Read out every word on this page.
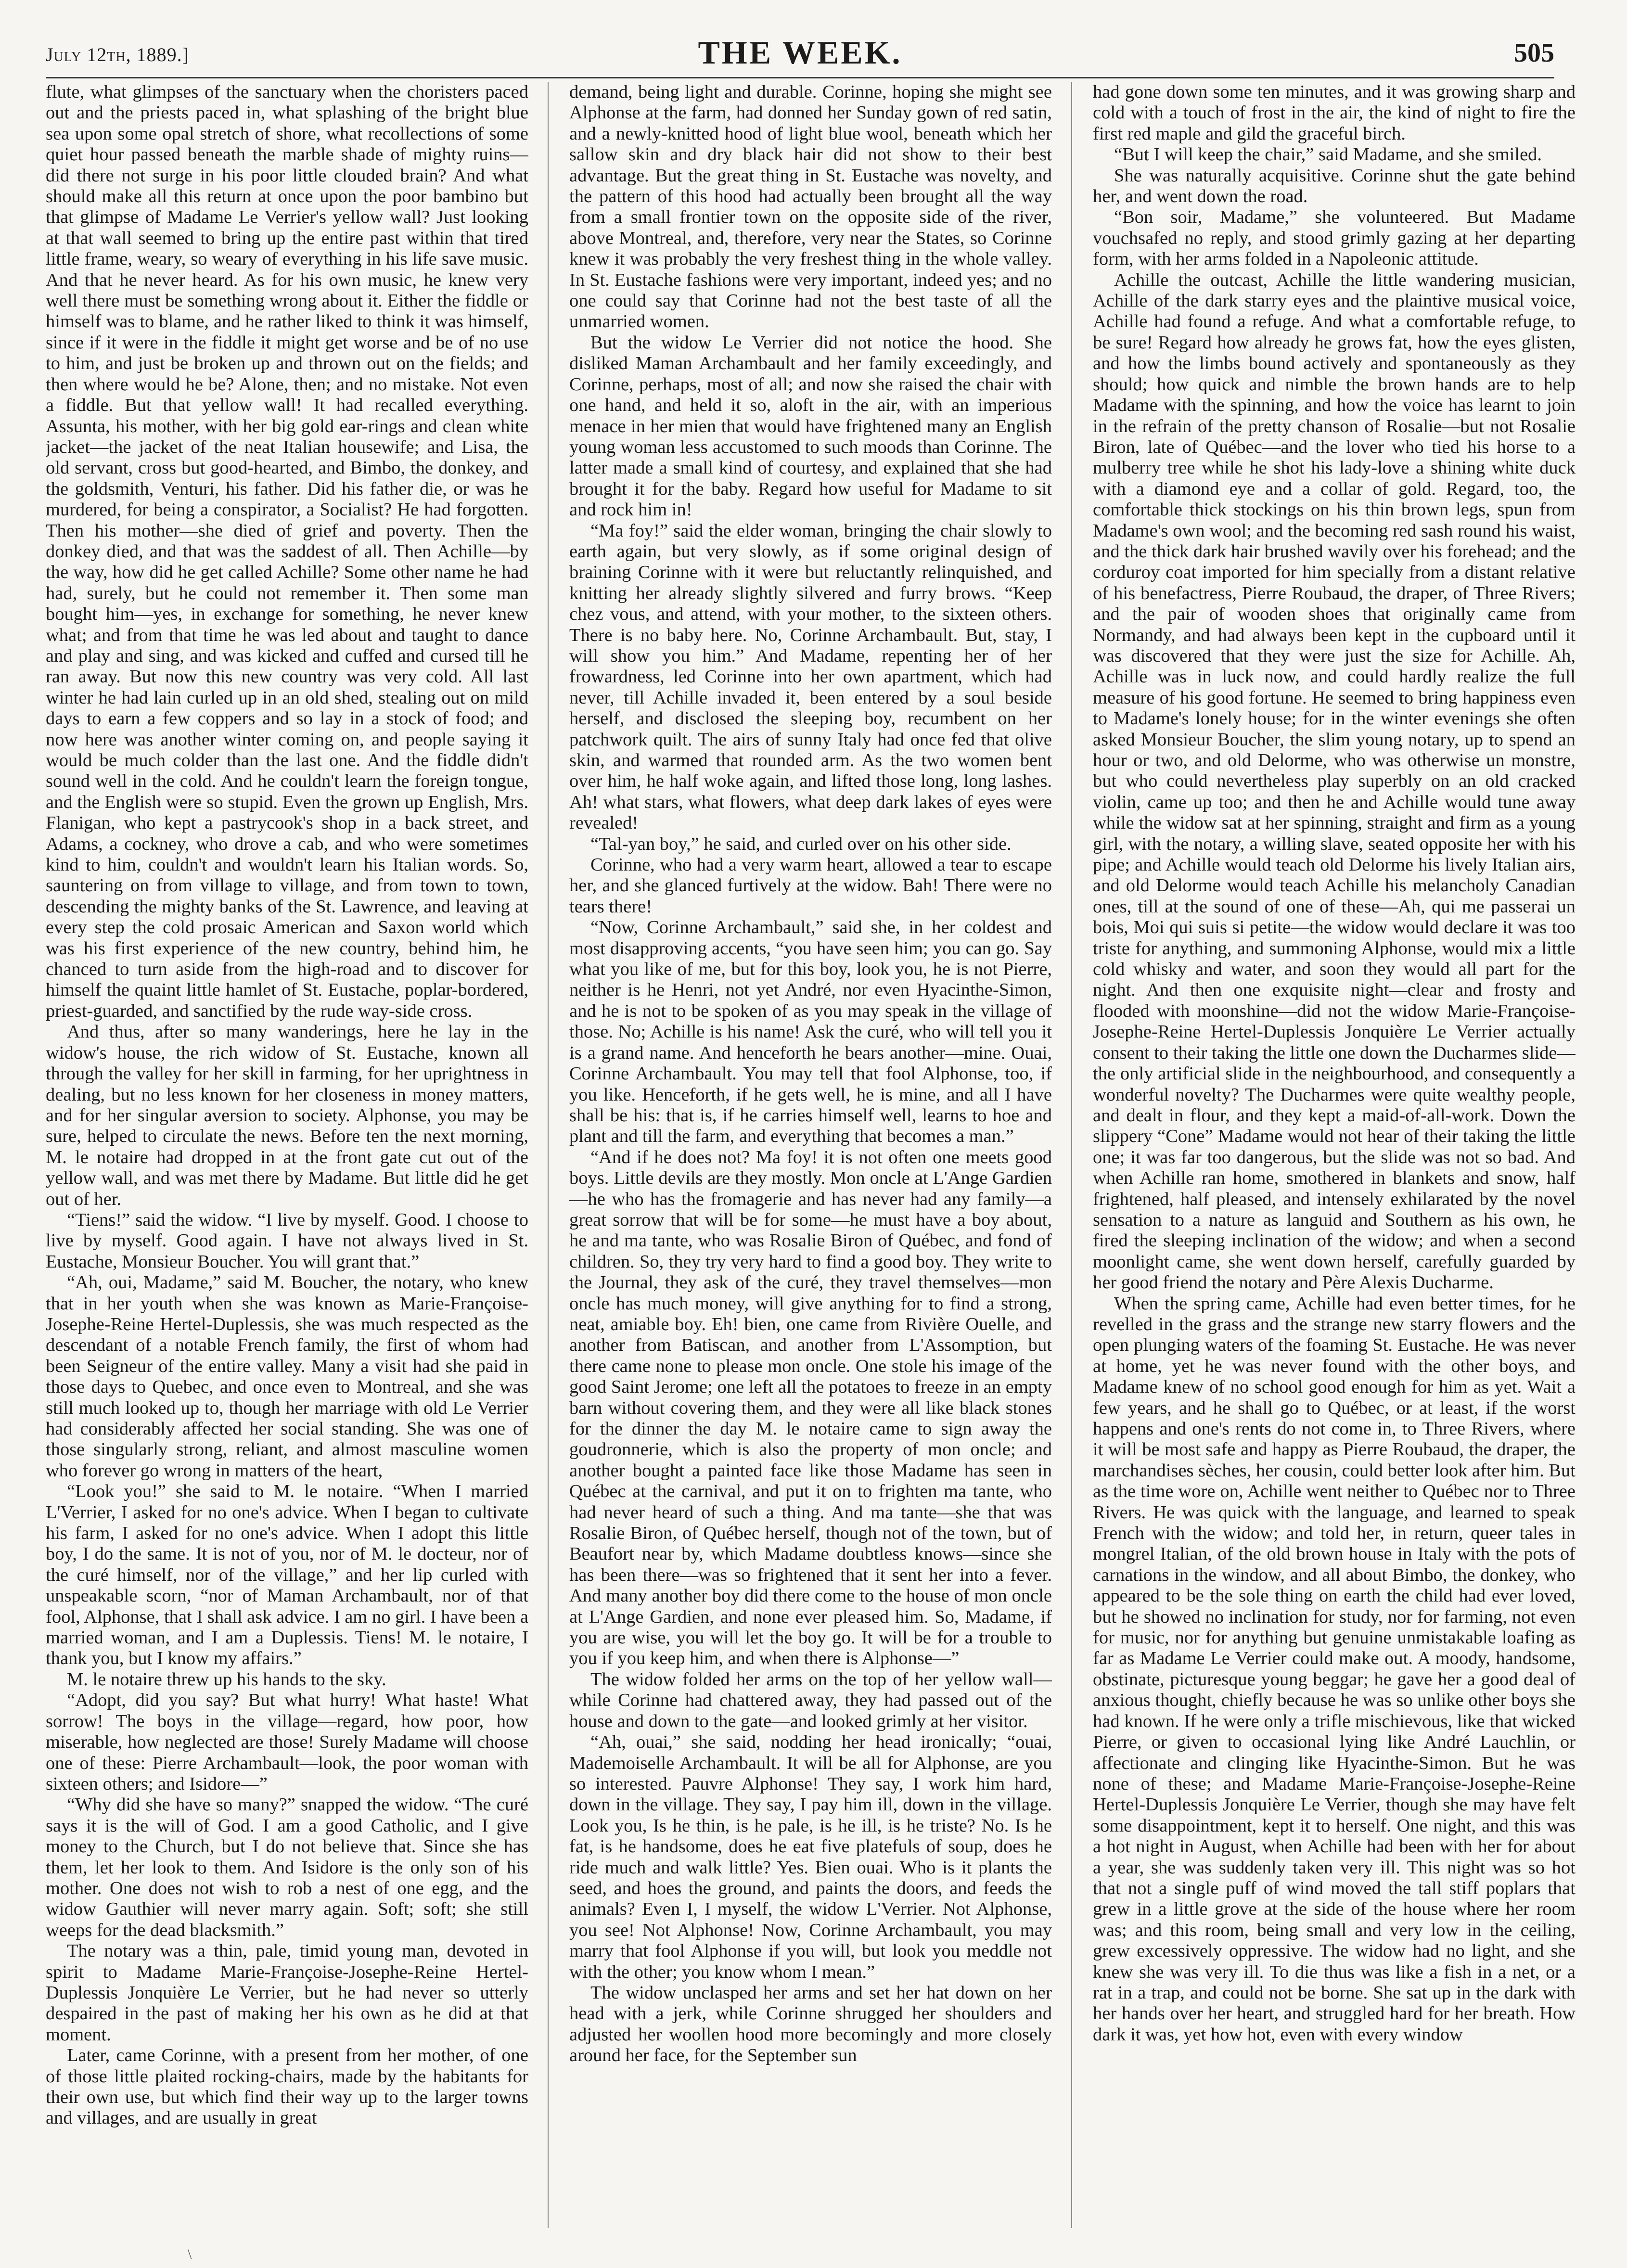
July 12th, 1889.]	THE WEEK.	505

flute, what glimpses of the sanctuary when the choristers paced out and the priests paced in, what splashing of the bright blue sea upon some opal stretch of shore, what recollections of some quiet hour passed beneath the marble shade of mighty ruins—did there not surge in his poor little clouded brain? And what should make all this return at once upon the poor bambino but that glimpse of Madame Le Verrier's yellow wall? Just looking at that wall seemed to bring up the entire past within that tired little frame, weary, so weary of everything in his life save music. And that he never heard. As for his own music, he knew very well there must be something wrong about it. Either the fiddle or himself was to blame, and he rather liked to think it was himself, since if it were in the fiddle it might get worse and be of no use to him, and just be broken up and thrown out on the fields; and then where would he be? Alone, then; and no mistake. Not even a fiddle. But that yellow wall! It had recalled everything. Assunta, his mother, with her big gold ear-rings and clean white jacket—the jacket of the neat Italian housewife; and Lisa, the old servant, cross but good-hearted, and Bimbo, the donkey, and the goldsmith, Venturi, his father. Did his father die, or was he murdered, for being a conspirator, a Socialist? He had forgotten. Then his mother—she died of grief and poverty. Then the donkey died, and that was the saddest of all. Then Achille—by the way, how did he get called Achille? Some other name he had had, surely, but he could not remember it. Then some man bought him—yes, in exchange for something, he never knew what; and from that time he was led about and taught to dance and play and sing, and was kicked and cuffed and cursed till he ran away. But now this new country was very cold. All last winter he had lain curled up in an old shed, stealing out on mild days to earn a few coppers and so lay in a stock of food; and now here was another winter coming on, and people saying it would be much colder than the last one. And the fiddle didn't sound well in the cold. And he couldn't learn the foreign tongue, and the English were so stupid. Even the grown up English, Mrs. Flanigan, who kept a pastrycook's shop in a back street, and Adams, a cockney, who drove a cab, and who were sometimes kind to him, couldn't and wouldn't learn his Italian words. So, sauntering on from village to village, and from town to town, descending the mighty banks of the St. Lawrence, and leaving at every step the cold prosaic American and Saxon world which was his first experience of the new country, behind him, he chanced to turn aside from the high-road and to discover for himself the quaint little hamlet of St. Eustache, poplar-bordered, priest-guarded, and sanctified by the rude way-side cross.

And thus, after so many wanderings, here he lay in the widow's house, the rich widow of St. Eustache, known all through the valley for her skill in farming, for her uprightness in dealing, but no less known for her closeness in money matters, and for her singular aversion to society. Alphonse, you may be sure, helped to circulate the news. Before ten the next morning, M. le notaire had dropped in at the front gate cut out of the yellow wall, and was met there by Madame. But little did he get out of her.

“Tiens!” said the widow. “I live by myself. Good. I choose to live by myself. Good again. I have not always lived in St. Eustache, Monsieur Boucher. You will grant that.”

“Ah, oui, Madame,” said M. Boucher, the notary, who knew that in her youth when she was known as Marie-Françoise-Josephe-Reine Hertel-Duplessis, she was much respected as the descendant of a notable French family, the first of whom had been Seigneur of the entire valley. Many a visit had she paid in those days to Quebec, and once even to Montreal, and she was still much looked up to, though her marriage with old Le Verrier had considerably affected her social standing. She was one of those singularly strong, reliant, and almost masculine women who forever go wrong in matters of the heart,

“Look you!” she said to M. le notaire. “When I married L'Verrier, I asked for no one's advice. When I began to cultivate his farm, I asked for no one's advice. When I adopt this little boy, I do the same. It is not of you, nor of M. le docteur, nor of the curé himself, nor of the village,” and her lip curled with unspeakable scorn, “nor of Maman Archambault, nor of that fool, Alphonse, that I shall ask advice. I am no girl. I have been a married woman, and I am a Duplessis. Tiens! M. le notaire, I thank you, but I know my affairs.”

M. le notaire threw up his hands to the sky.

“Adopt, did you say? But what hurry! What haste! What sorrow! The boys in the village—regard, how poor, how miserable, how neglected are those! Surely Madame will choose one of these: Pierre Archambault—look, the poor woman with sixteen others; and Isidore—”

“Why did she have so many?” snapped the widow. “The curé says it is the will of God. I am a good Catholic, and I give money to the Church, but I do not believe that. Since she has them, let her look to them. And Isidore is the only son of his mother. One does not wish to rob a nest of one egg, and the widow Gauthier will never marry again. Soft; soft; she still weeps for the dead blacksmith.”

The notary was a thin, pale, timid young man, devoted in spirit to Madame Marie-Françoise-Josephe-Reine Hertel-Duplessis Jonquière Le Verrier, but he had never so utterly despaired in the past of making her his own as he did at that moment.

Later, came Corinne, with a present from her mother, of one of those little plaited rocking-chairs, made by the habitants for their own use, but which find their way up to the larger towns and villages, and are usually in great

demand, being light and durable. Corinne, hoping she might see Alphonse at the farm, had donned her Sunday gown of red satin, and a newly-knitted hood of light blue wool, beneath which her sallow skin and dry black hair did not show to their best advantage. But the great thing in St. Eustache was novelty, and the pattern of this hood had actually been brought all the way from a small frontier town on the opposite side of the river, above Montreal, and, therefore, very near the States, so Corinne knew it was probably the very freshest thing in the whole valley. In St. Eustache fashions were very important, indeed yes; and no one could say that Corinne had not the best taste of all the unmarried women.

But the widow Le Verrier did not notice the hood. She disliked Maman Archambault and her family exceedingly, and Corinne, perhaps, most of all; and now she raised the chair with one hand, and held it so, aloft in the air, with an imperious menace in her mien that would have frightened many an English young woman less accustomed to such moods than Corinne. The latter made a small kind of courtesy, and explained that she had brought it for the baby. Regard how useful for Madame to sit and rock him in!

“Ma foy!” said the elder woman, bringing the chair slowly to earth again, but very slowly, as if some original design of braining Corinne with it were but reluctantly relinquished, and knitting her already slightly silvered and furry brows. “Keep chez vous, and attend, with your mother, to the sixteen others. There is no baby here. No, Corinne Archambault. But, stay, I will show you him.” And Madame, repenting her of her frowardness, led Corinne into her own apartment, which had never, till Achille invaded it, been entered by a soul beside herself, and disclosed the sleeping boy, recumbent on her patchwork quilt. The airs of sunny Italy had once fed that olive skin, and warmed that rounded arm. As the two women bent over him, he half woke again, and lifted those long, long lashes. Ah! what stars, what flowers, what deep dark lakes of eyes were revealed!

“Tal-yan boy,” he said, and curled over on his other side.

Corinne, who had a very warm heart, allowed a tear to escape her, and she glanced furtively at the widow. Bah! There were no tears there!

“Now, Corinne Archambault,” said she, in her coldest and most disapproving accents, “you have seen him; you can go. Say what you like of me, but for this boy, look you, he is not Pierre, neither is he Henri, not yet André, nor even Hyacinthe-Simon, and he is not to be spoken of as you may speak in the village of those. No; Achille is his name! Ask the curé, who will tell you it is a grand name. And henceforth he bears another—mine. Ouai, Corinne Archambault. You may tell that fool Alphonse, too, if you like. Henceforth, if he gets well, he is mine, and all I have shall be his: that is, if he carries himself well, learns to hoe and plant and till the farm, and everything that becomes a man.”

“And if he does not? Ma foy! it is not often one meets good boys. Little devils are they mostly. Mon oncle at L'Ange Gardien—he who has the fromagerie and has never had any family—a great sorrow that will be for some—he must have a boy about, he and ma tante, who was Rosalie Biron of Québec, and fond of children. So, they try very hard to find a good boy. They write to the Journal, they ask of the curé, they travel themselves—mon oncle has much money, will give anything for to find a strong, neat, amiable boy. Eh! bien, one came from Rivière Ouelle, and another from Batiscan, and another from L'Assomption, but there came none to please mon oncle. One stole his image of the good Saint Jerome; one left all the potatoes to freeze in an empty barn without covering them, and they were all like black stones for the dinner the day M. le notaire came to sign away the goudronnerie, which is also the property of mon oncle; and another bought a painted face like those Madame has seen in Québec at the carnival, and put it on to frighten ma tante, who had never heard of such a thing. And ma tante—she that was Rosalie Biron, of Québec herself, though not of the town, but of Beaufort near by, which Madame doubtless knows—since she has been there—was so frightened that it sent her into a fever. And many another boy did there come to the house of mon oncle at L'Ange Gardien, and none ever pleased him. So, Madame, if you are wise, you will let the boy go. It will be for a trouble to you if you keep him, and when there is Alphonse—”

The widow folded her arms on the top of her yellow wall—while Corinne had chattered away, they had passed out of the house and down to the gate—and looked grimly at her visitor.

“Ah, ouai,” she said, nodding her head ironically; “ouai, Mademoiselle Archambault. It will be all for Alphonse, are you so interested. Pauvre Alphonse! They say, I work him hard, down in the village. They say, I pay him ill, down in the village. Look you, Is he thin, is he pale, is he ill, is he triste? No. Is he fat, is he handsome, does he eat five platefuls of soup, does he ride much and walk little? Yes. Bien ouai. Who is it plants the seed, and hoes the ground, and paints the doors, and feeds the animals? Even I, I myself, the widow L'Verrier. Not Alphonse, you see! Not Alphonse! Now, Corinne Archambault, you may marry that fool Alphonse if you will, but look you meddle not with the other; you know whom I mean.”

The widow unclasped her arms and set her hat down on her head with a jerk, while Corinne shrugged her shoulders and adjusted her woollen hood more becomingly and more closely around her face, for the September sun

had gone down some ten minutes, and it was growing sharp and cold with a touch of frost in the air, the kind of night to fire the first red maple and gild the graceful birch.

“But I will keep the chair,” said Madame, and she smiled.

She was naturally acquisitive. Corinne shut the gate behind her, and went down the road.

“Bon soir, Madame,” she volunteered. But Madame vouchsafed no reply, and stood grimly gazing at her departing form, with her arms folded in a Napoleonic attitude.

Achille the outcast, Achille the little wandering musician, Achille of the dark starry eyes and the plaintive musical voice, Achille had found a refuge. And what a comfortable refuge, to be sure! Regard how already he grows fat, how the eyes glisten, and how the limbs bound actively and spontaneously as they should; how quick and nimble the brown hands are to help Madame with the spinning, and how the voice has learnt to join in the refrain of the pretty chanson of Rosalie—but not Rosalie Biron, late of Québec—and the lover who tied his horse to a mulberry tree while he shot his lady-love a shining white duck with a diamond eye and a collar of gold. Regard, too, the comfortable thick stockings on his thin brown legs, spun from Madame's own wool; and the becoming red sash round his waist, and the thick dark hair brushed wavily over his forehead; and the corduroy coat imported for him specially from a distant relative of his benefactress, Pierre Roubaud, the draper, of Three Rivers; and the pair of wooden shoes that originally came from Normandy, and had always been kept in the cupboard until it was discovered that they were just the size for Achille. Ah, Achille was in luck now, and could hardly realize the full measure of his good fortune. He seemed to bring happiness even to Madame's lonely house; for in the winter evenings she often asked Monsieur Boucher, the slim young notary, up to spend an hour or two, and old Delorme, who was otherwise un monstre, but who could nevertheless play superbly on an old cracked violin, came up too; and then he and Achille would tune away while the widow sat at her spinning, straight and firm as a young girl, with the notary, a willing slave, seated opposite her with his pipe; and Achille would teach old Delorme his lively Italian airs, and old Delorme would teach Achille his melancholy Canadian ones, till at the sound of one of these—Ah, qui me passerai un bois, Moi qui suis si petite—the widow would declare it was too triste for anything, and summoning Alphonse, would mix a little cold whisky and water, and soon they would all part for the night. And then one exquisite night—clear and frosty and flooded with moonshine—did not the widow Marie-Françoise-Josephe-Reine Hertel-Duplessis Jonquière Le Verrier actually consent to their taking the little one down the Ducharmes slide—the only artificial slide in the neighbourhood, and consequently a wonderful novelty? The Ducharmes were quite wealthy people, and dealt in flour, and they kept a maid-of-all-work. Down the slippery “Cone” Madame would not hear of their taking the little one; it was far too dangerous, but the slide was not so bad. And when Achille ran home, smothered in blankets and snow, half frightened, half pleased, and intensely exhilarated by the novel sensation to a nature as languid and Southern as his own, he fired the sleeping inclination of the widow; and when a second moonlight came, she went down herself, carefully guarded by her good friend the notary and Père Alexis Ducharme.

When the spring came, Achille had even better times, for he revelled in the grass and the strange new starry flowers and the open plunging waters of the foaming St. Eustache. He was never at home, yet he was never found with the other boys, and Madame knew of no school good enough for him as yet. Wait a few years, and he shall go to Québec, or at least, if the worst happens and one's rents do not come in, to Three Rivers, where it will be most safe and happy as Pierre Roubaud, the draper, the marchandises sèches, her cousin, could better look after him. But as the time wore on, Achille went neither to Québec nor to Three Rivers. He was quick with the language, and learned to speak French with the widow; and told her, in return, queer tales in mongrel Italian, of the old brown house in Italy with the pots of carnations in the window, and all about Bimbo, the donkey, who appeared to be the sole thing on earth the child had ever loved, but he showed no inclination for study, nor for farming, not even for music, nor for anything but genuine unmistakable loafing as far as Madame Le Verrier could make out. A moody, handsome, obstinate, picturesque young beggar; he gave her a good deal of anxious thought, chiefly because he was so unlike other boys she had known. If he were only a trifle mischievous, like that wicked Pierre, or given to occasional lying like André Lauchlin, or affectionate and clinging like Hyacinthe-Simon. But he was none of these; and Madame Marie-Françoise-Josephe-Reine Hertel-Duplessis Jonquière Le Verrier, though she may have felt some disappointment, kept it to herself. One night, and this was a hot night in August, when Achille had been with her for about a year, she was suddenly taken very ill. This night was so hot that not a single puff of wind moved the tall stiff poplars that grew in a little grove at the side of the house where her room was; and this room, being small and very low in the ceiling, grew excessively oppressive. The widow had no light, and she knew she was very ill. To die thus was like a fish in a net, or a rat in a trap, and could not be borne. She sat up in the dark with her hands over her heart, and struggled hard for her breath. How dark it was, yet how hot, even with every window

\
